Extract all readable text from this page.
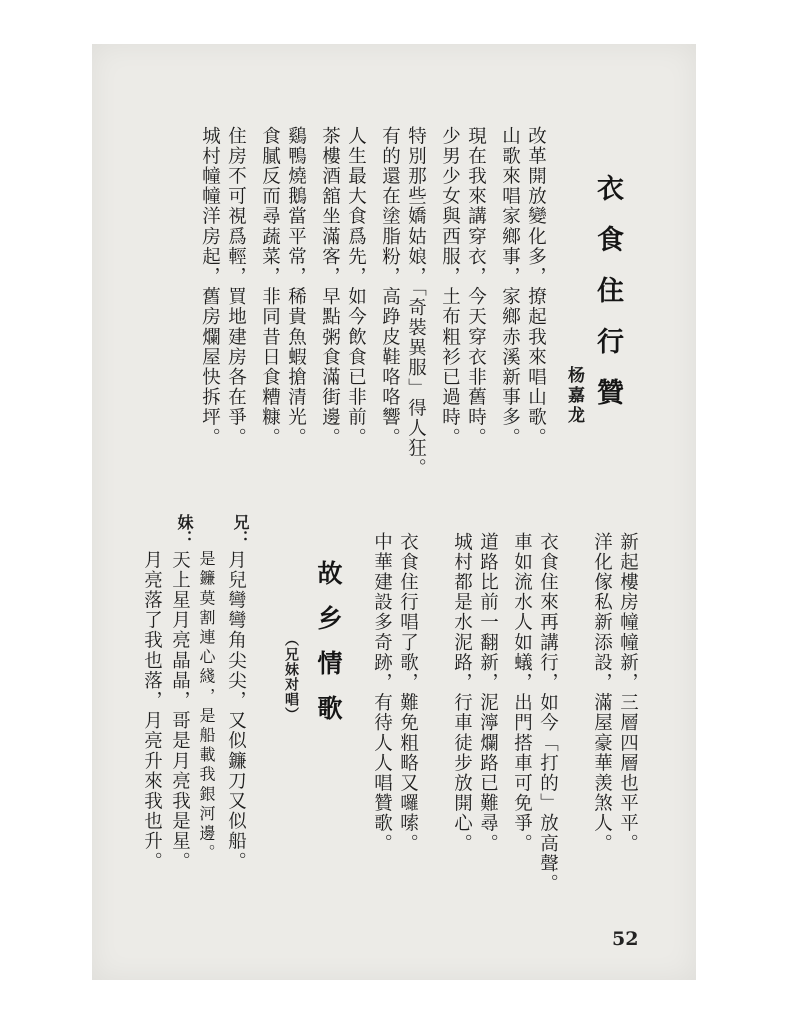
衣食住行贊
杨嘉龙
改革開放變化多，撩起我來唱山歌。
山歌來唱家鄉事，家鄉赤溪新事多。
現在我來講穿衣，今天穿衣非舊時。
少男少女與西服，土布粗衫已過時。
特別那些嬌姑娘，「奇裝異服」得人狂。
有的還在塗脂粉，高踭皮鞋咯咯響。
人生最大食爲先，如今飲食已非前。
茶樓酒舘坐滿客，早點粥食滿街邊。
鷄鴨燒鵝當平常，稀貴魚蝦搶清光。
食膩反而尋蔬菜，非同昔日食糟糠。
住房不可視爲輕，買地建房各在爭。
城村幢幢洋房起，舊房爛屋快拆坪。
新起樓房幢幢新，三層四層也平平。
洋化傢私新添設，滿屋豪華羡煞人。
衣食住來再講行，如今「打的」放高聲。
車如流水人如蟻，出門搭車可免爭。
道路比前一翻新，泥濘爛路已難尋。
城村都是水泥路，行車徒步放開心。
衣食住行唱了歌，難免粗略又囉嗦。
中華建設多奇跡，有待人人唱贊歌。
故乡情歌
（兄妹对唱）
兄：
妹：
月兒彎彎角尖尖，又似鐮刀又似船。
是鐮莫割連心綫，是船載我銀河邊。
天上星月亮晶晶，哥是月亮我是星。
月亮落了我也落，月亮升來我也升。
52
